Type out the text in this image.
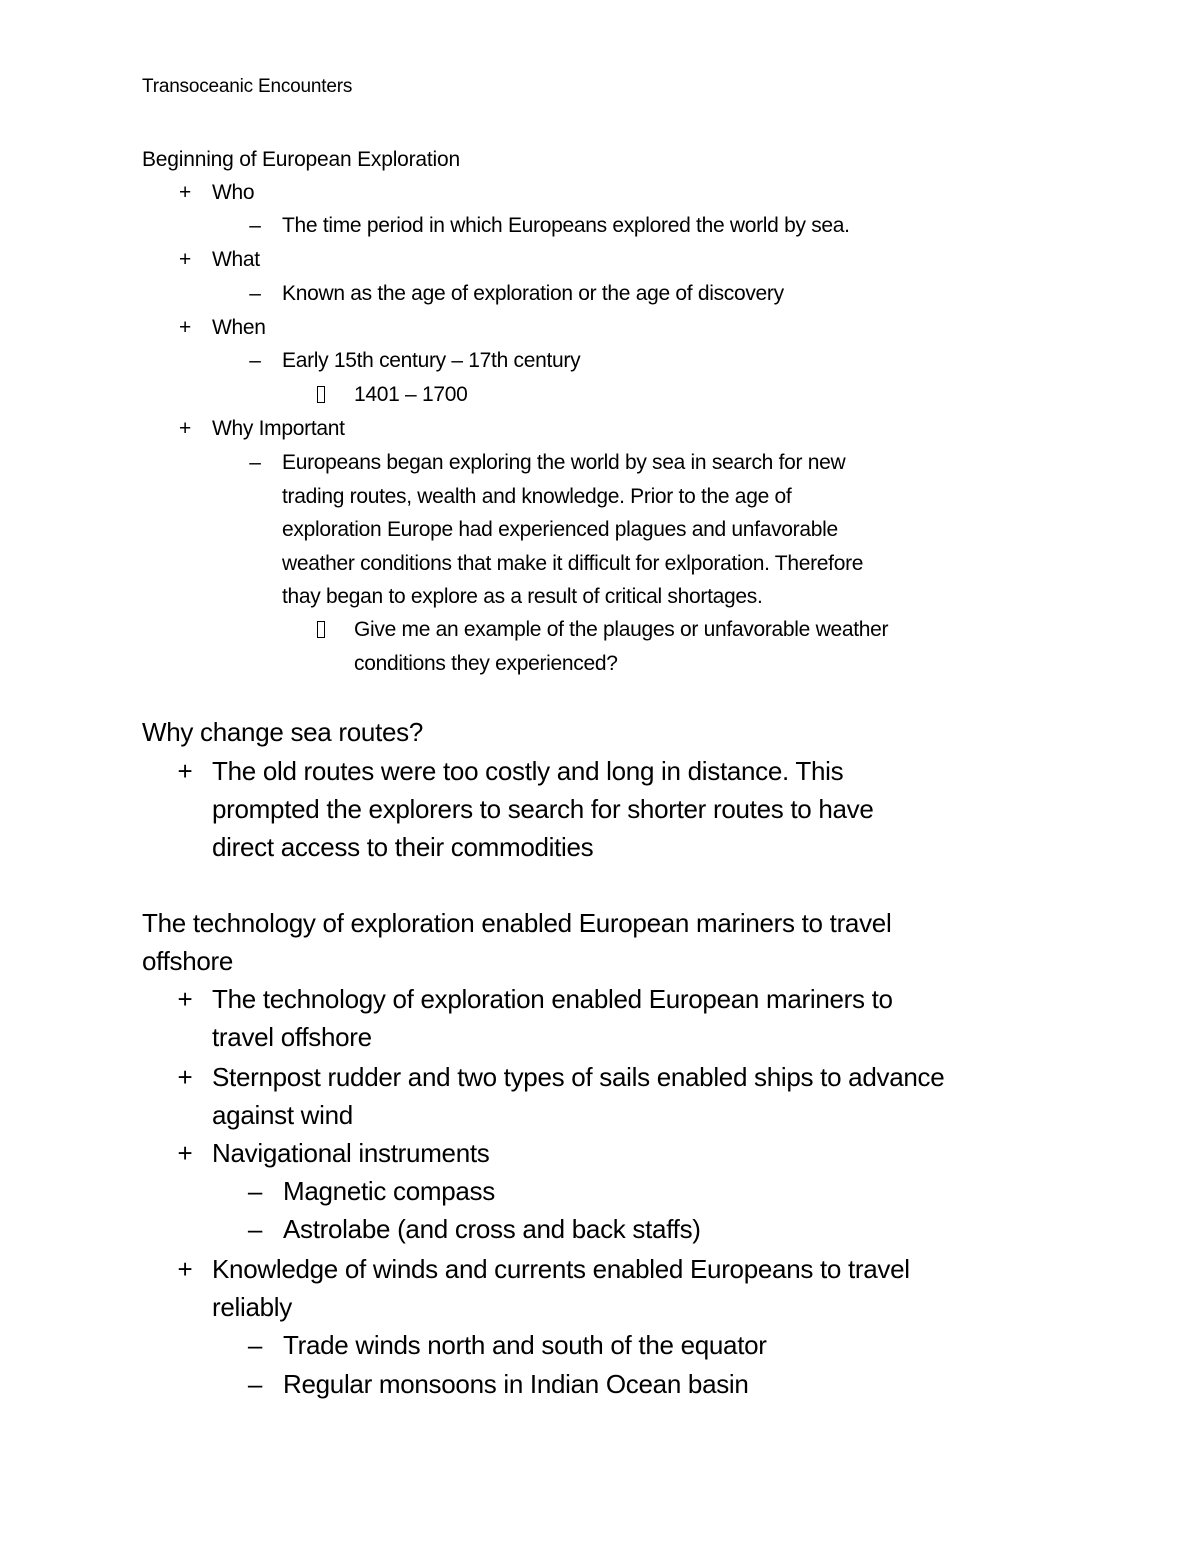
Transoceanic Encounters
Beginning of European Exploration
+	Who
–	The time period in which Europeans explored the world by sea.
+	What
–	Known as the age of exploration or the age of discovery
+	When
–	Early 15th century – 17th century
1401 – 1700
+	Why Important
–	Europeans began exploring the world by sea in search for new
trading routes, wealth and knowledge. Prior to the age of
exploration Europe had experienced plagues and unfavorable
weather conditions that make it difficult for exlporation. Therefore
thay began to explore as a result of critical shortages.
Give me an example of the plauges or unfavorable weather
conditions they experienced?
Why change sea routes?
+ The old routes were too costly and long in distance. This
prompted the explorers to search for shorter routes to have
direct access to their commodities
The technology of exploration enabled European mariners to travel
offshore
+ The technology of exploration enabled European mariners to
travel offshore
+ Sternpost rudder and two types of sails enabled ships to advance
against wind
+ Navigational instruments
– Magnetic compass
– Astrolabe (and cross and back staffs)
+ Knowledge of winds and currents enabled Europeans to travel
reliably
– Trade winds north and south of the equator
– Regular monsoons in Indian Ocean basin
